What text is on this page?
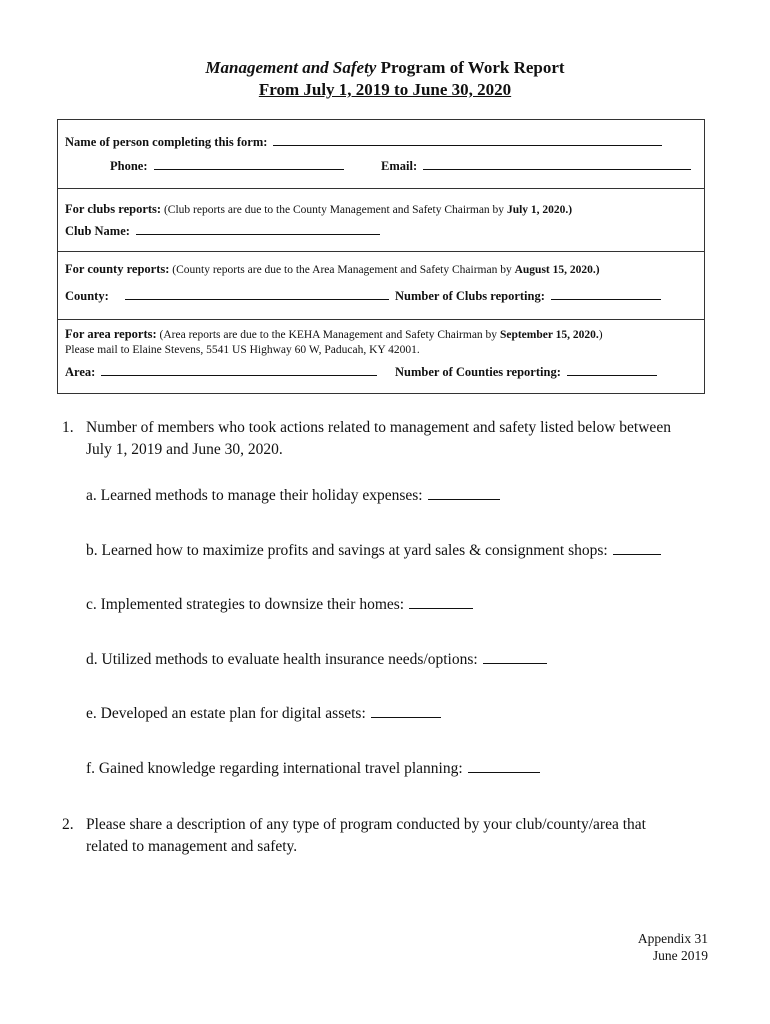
Management and Safety Program of Work Report
From July 1, 2019 to June 30, 2020
Name of person completing this form:
Phone:	Email:
For clubs reports: (Club reports are due to the County Management and Safety Chairman by July 1, 2020.)
Club Name:
For county reports: (County reports are due to the Area Management and Safety Chairman by August 15, 2020.)
County:	Number of Clubs reporting:
For area reports: (Area reports are due to the KEHA Management and Safety Chairman by September 15, 2020.)
Please mail to Elaine Stevens, 5541 US Highway 60 W, Paducah, KY 42001.
Area:	Number of Counties reporting:
1. Number of members who took actions related to management and safety listed below between
July 1, 2019 and June 30, 2020.
a. Learned methods to manage their holiday expenses:
b. Learned how to maximize profits and savings at yard sales & consignment shops:
c. Implemented strategies to downsize their homes:
d. Utilized methods to evaluate health insurance needs/options:
e. Developed an estate plan for digital assets:
f. Gained knowledge regarding international travel planning:
2. Please share a description of any type of program conducted by your club/county/area that
related to management and safety.
Appendix 31
June 2019
